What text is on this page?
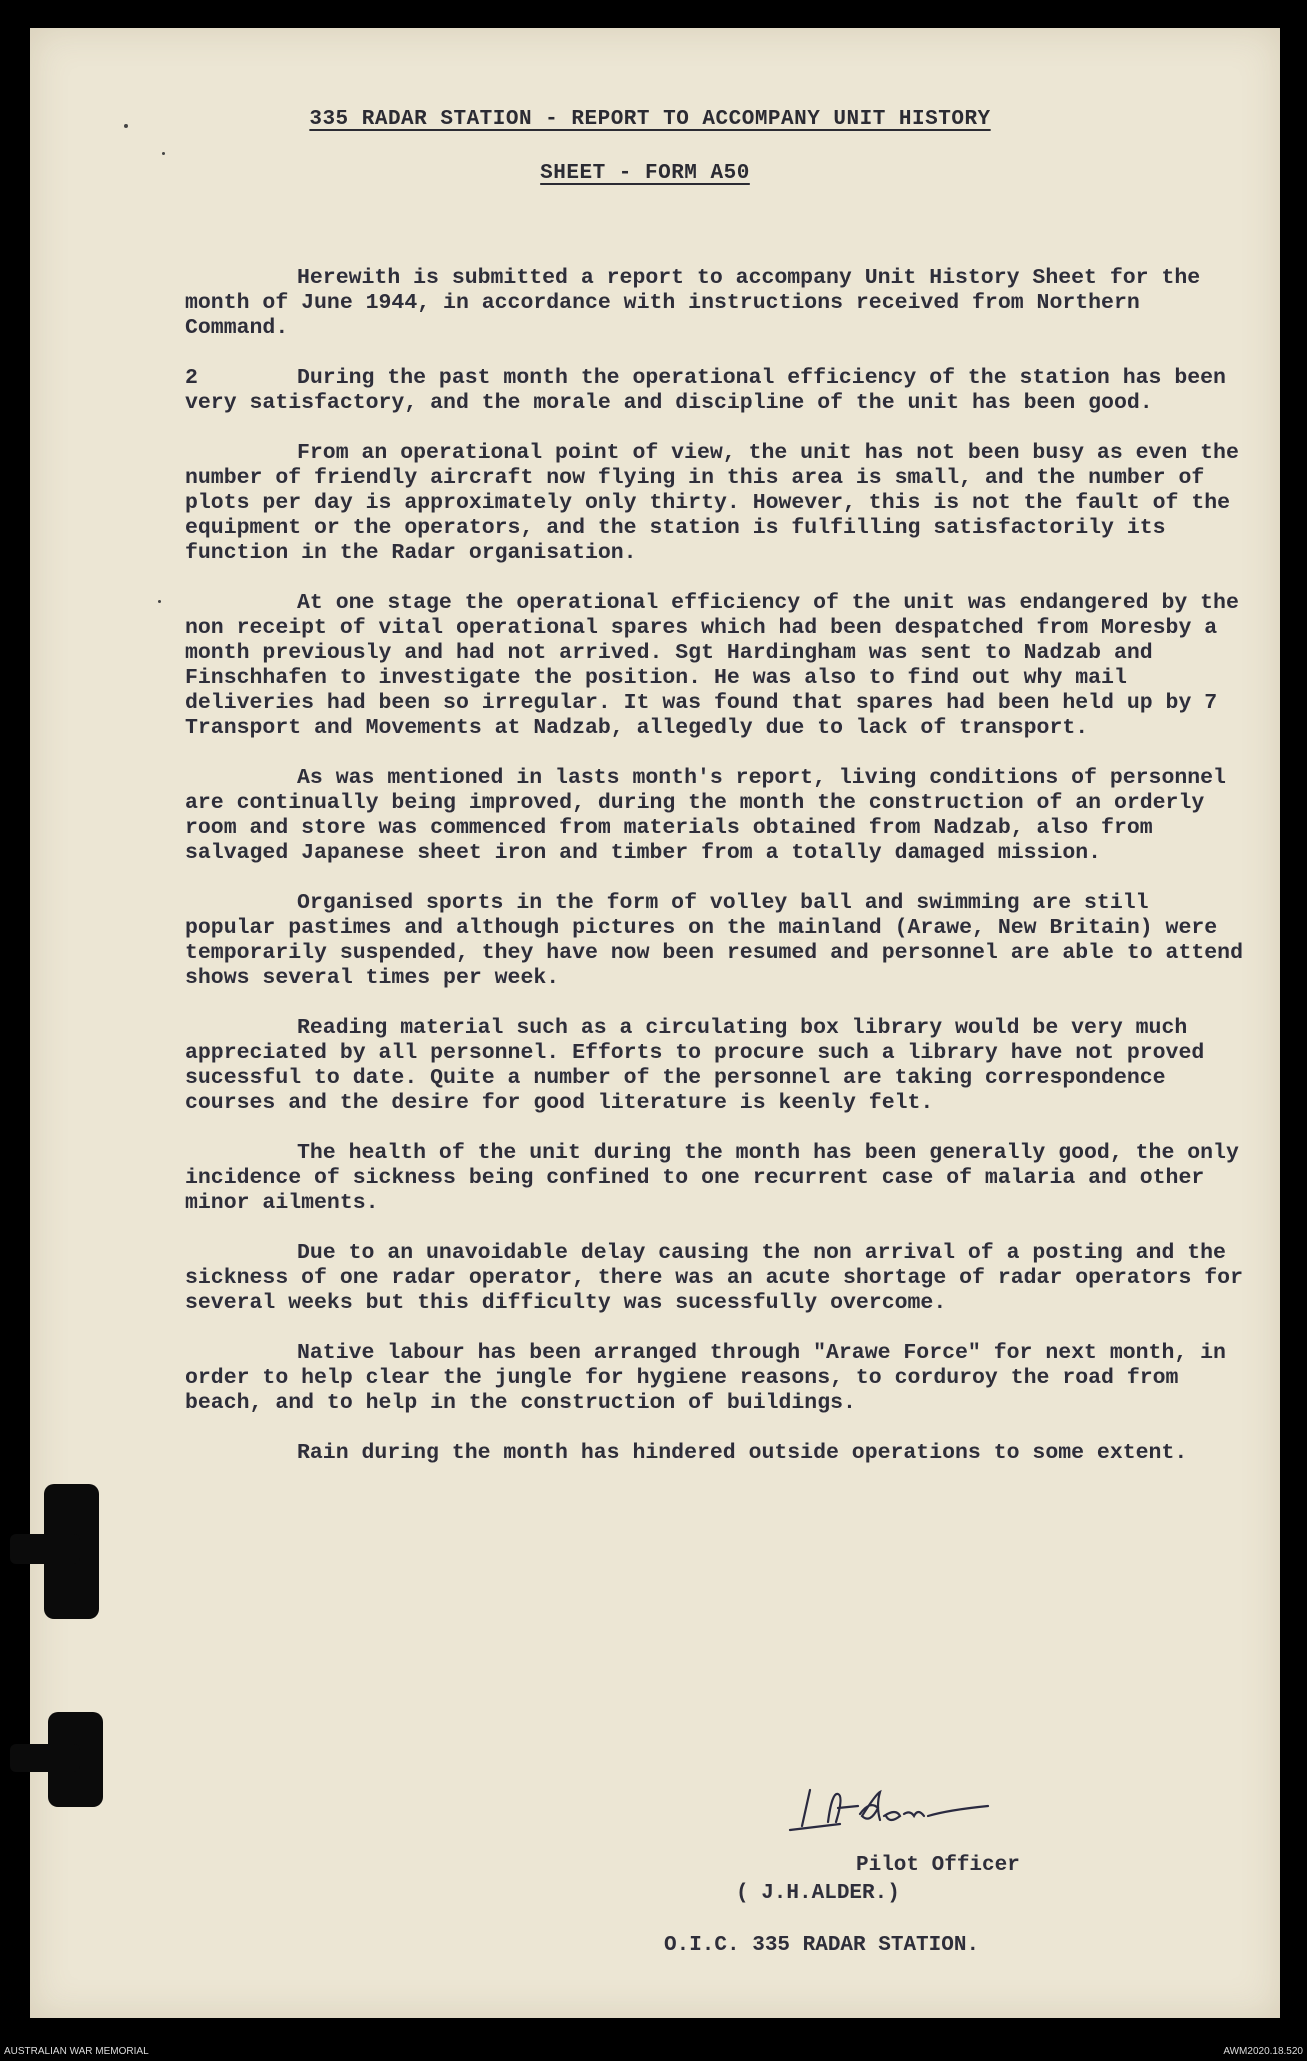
335 RADAR STATION - REPORT TO ACCOMPANY UNIT HISTORY
SHEET - FORM A50

Herewith is submitted a report to accompany Unit History Sheet for the month of June 1944, in accordance with instructions received from Northern Command.

2	During the past month the operational efficiency of the station has been very satisfactory, and the morale and discipline of the unit has been good.

From an operational point of view, the unit has not been busy as even the number of friendly aircraft now flying in this area is small, and the number of plots per day is approximately only thirty. However, this is not the fault of the equipment or the operators, and the station is fulfilling satisfactorily its function in the Radar organisation.

At one stage the operational efficiency of the unit was endangered by the non receipt of vital operational spares which had been despatched from Moresby a month previously and had not arrived. Sgt Hardingham was sent to Nadzab and Finschhafen to investigate the position. He was also to find out why mail deliveries had been so irregular. It was found that spares had been held up by 7 Transport and Movements at Nadzab, allegedly due to lack of transport.

As was mentioned in lasts month's report, living conditions of personnel are continually being improved, during the month the construction of an orderly room and store was commenced from materials obtained from Nadzab, also from salvaged Japanese sheet iron and timber from a totally damaged mission.

Organised sports in the form of volley ball and swimming are still popular pastimes and although pictures on the mainland (Arawe, New Britain) were temporarily suspended, they have now been resumed and personnel are able to attend shows several times per week.

Reading material such as a circulating box library would be very much appreciated by all personnel. Efforts to procure such a library have not proved sucessful to date. Quite a number of the personnel are taking correspondence courses and the desire for good literature is keenly felt.

The health of the unit during the month has been generally good, the only incidence of sickness being confined to one recurrent case of malaria and other minor ailments.

Due to an unavoidable delay causing the non arrival of a posting and the sickness of one radar operator, there was an acute shortage of radar operators for several weeks but this difficulty was sucessfully overcome.

Native labour has been arranged through "Arawe Force" for next month, in order to help clear the jungle for hygiene reasons, to corduroy the road from beach, and to help in the construction of buildings.

Rain during the month has hindered outside operations to some extent.

Pilot Officer
( J.H.ALDER.)
O.I.C. 335 RADAR STATION.
AUSTRALIAN WAR MEMORIAL	AWM2020.18.520
